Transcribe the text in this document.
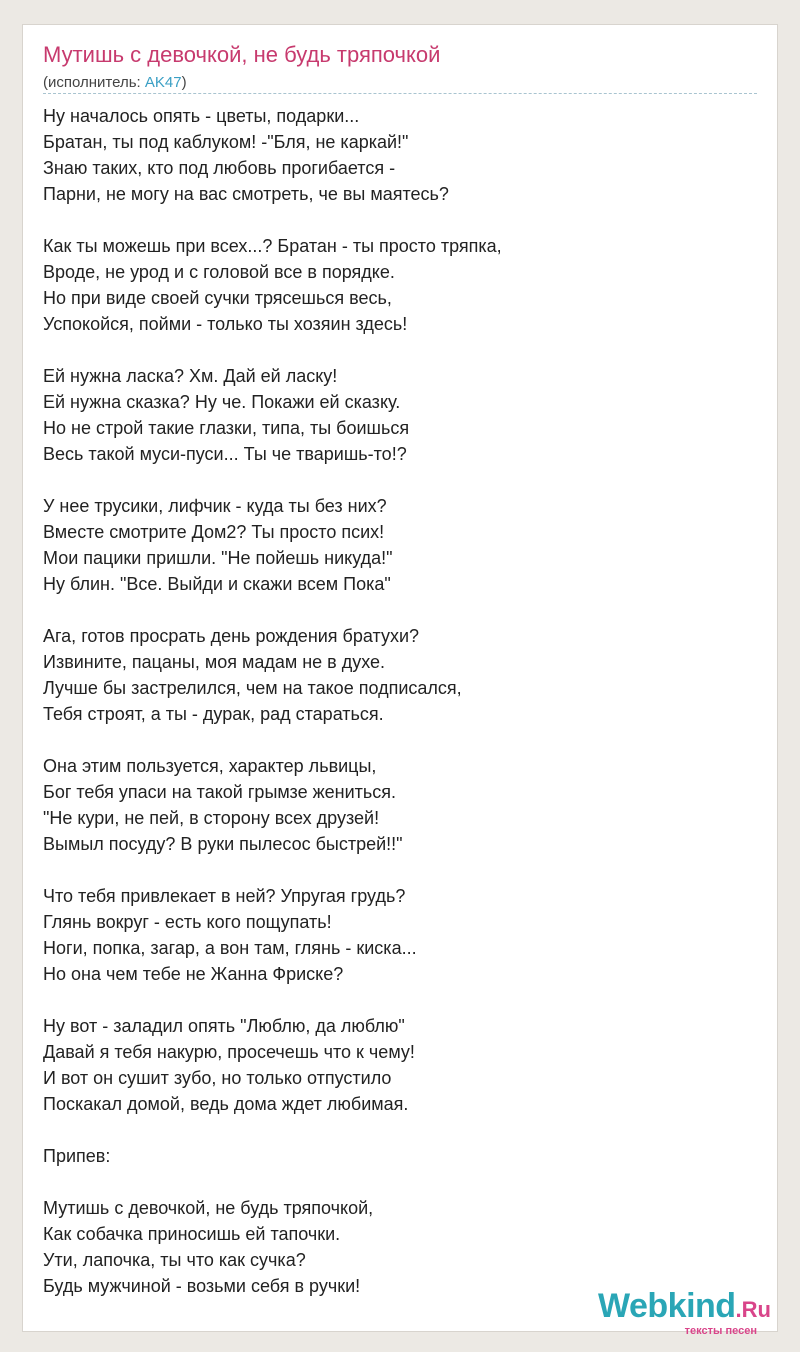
Мутишь с девочкой, не будь тряпочкой
(исполнитель: AK47)
Ну началось опять - цветы, подарки...
Братан, ты под каблуком! -"Бля, не каркай!"
Знаю таких, кто под любовь прогибается -
Парни, не могу на вас смотреть, че вы маятесь?
Как ты можешь при всех...? Братан - ты просто тряпка,
Вроде, не урод и с головой все в порядке.
Но при виде своей сучки трясешься весь,
Успокойся, пойми - только ты хозяин здесь!
Ей нужна ласка? Хм. Дай ей ласку!
Ей нужна сказка? Ну че. Покажи ей сказку.
Но не строй такие глазки, типа, ты боишься
Весь такой муси-пуси... Ты че тваришь-то!?
У нее трусики, лифчик - куда ты без них?
Вместе смотрите Дом2? Ты просто псих!
Мои пацики пришли. "Не пойешь никуда!"
Ну блин. "Все. Выйди и скажи всем Пока"
Ага, готов просрать день рождения братухи?
Извините, пацаны, моя мадам не в духе.
Лучше бы застрелился, чем на такое подписался,
Тебя строят, а ты - дурак, рад стараться.
Она этим пользуется, характер львицы,
Бог тебя упаси на такой грымзе жениться.
"Не кури, не пей, в сторону всех друзей!
Вымыл посуду? В руки пылесос быстрей!!"
Что тебя привлекает в ней? Упругая грудь?
Глянь вокруг - есть кого пощупать!
Ноги, попка, загар, а вон там, глянь - киска...
Но она чем тебе не Жанна Фриске?
Ну вот - заладил опять "Люблю, да люблю"
Давай я тебя накурю, просечешь что к чему!
И вот он сушит зубо, но только отпустило
Поскакал домой, ведь дома ждет любимая.
Припев:
Мутишь с девочкой, не будь тряпочкой,
Как собачка приносишь ей тапочки.
Ути, лапочка, ты что как сучка?
Будь мужчиной - возьми себя в ручки!
Webkind.Ru
тексты песен
